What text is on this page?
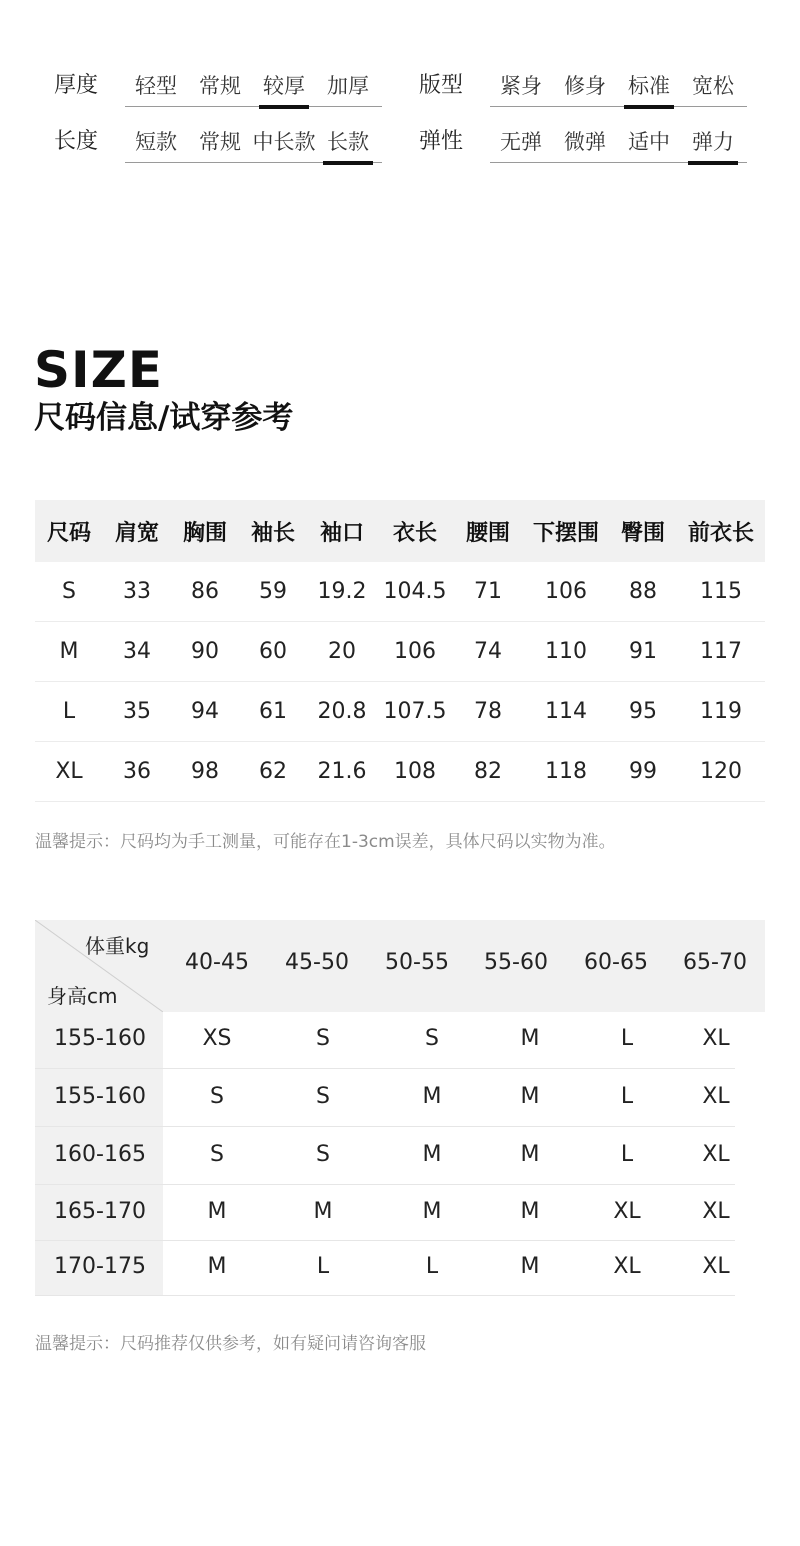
厚度	轻型	常规	较厚	加厚	版型	紧身	修身	标准	宽松
长度	短款	常规 中长款 长款	弹性	无弹	微弹	适中	弹力
SIZE
尺码信息/试穿参考
尺码	肩宽	胸围	袖长	袖口	衣长	腰围	下摆围	臀围	前衣长
S	33	86	59	19.2	104.5	71	106	88	115
M	34	90	60	20	106	74	110	91	117
L	35	94	61	20.8	107.5	78	114	95	119
XL	36	98	62	21.6	108	82	118	99	120
温馨提示：尺码均为手工测量，可能存在1-3cm误差，具体尺码以实物为准。
体重kg
身高cm
40-45	45-50	50-55	55-60	60-65	65-70
155-160	XS	S	S	M	L	XL
155-160	S	S	M	M	L	XL
160-165	S	S	M	M	L	XL
165-170	M	M	M	M	XL	XL
170-175	M	L	L	M	XL	XL
温馨提示：尺码推荐仅供参考，如有疑问请咨询客服
